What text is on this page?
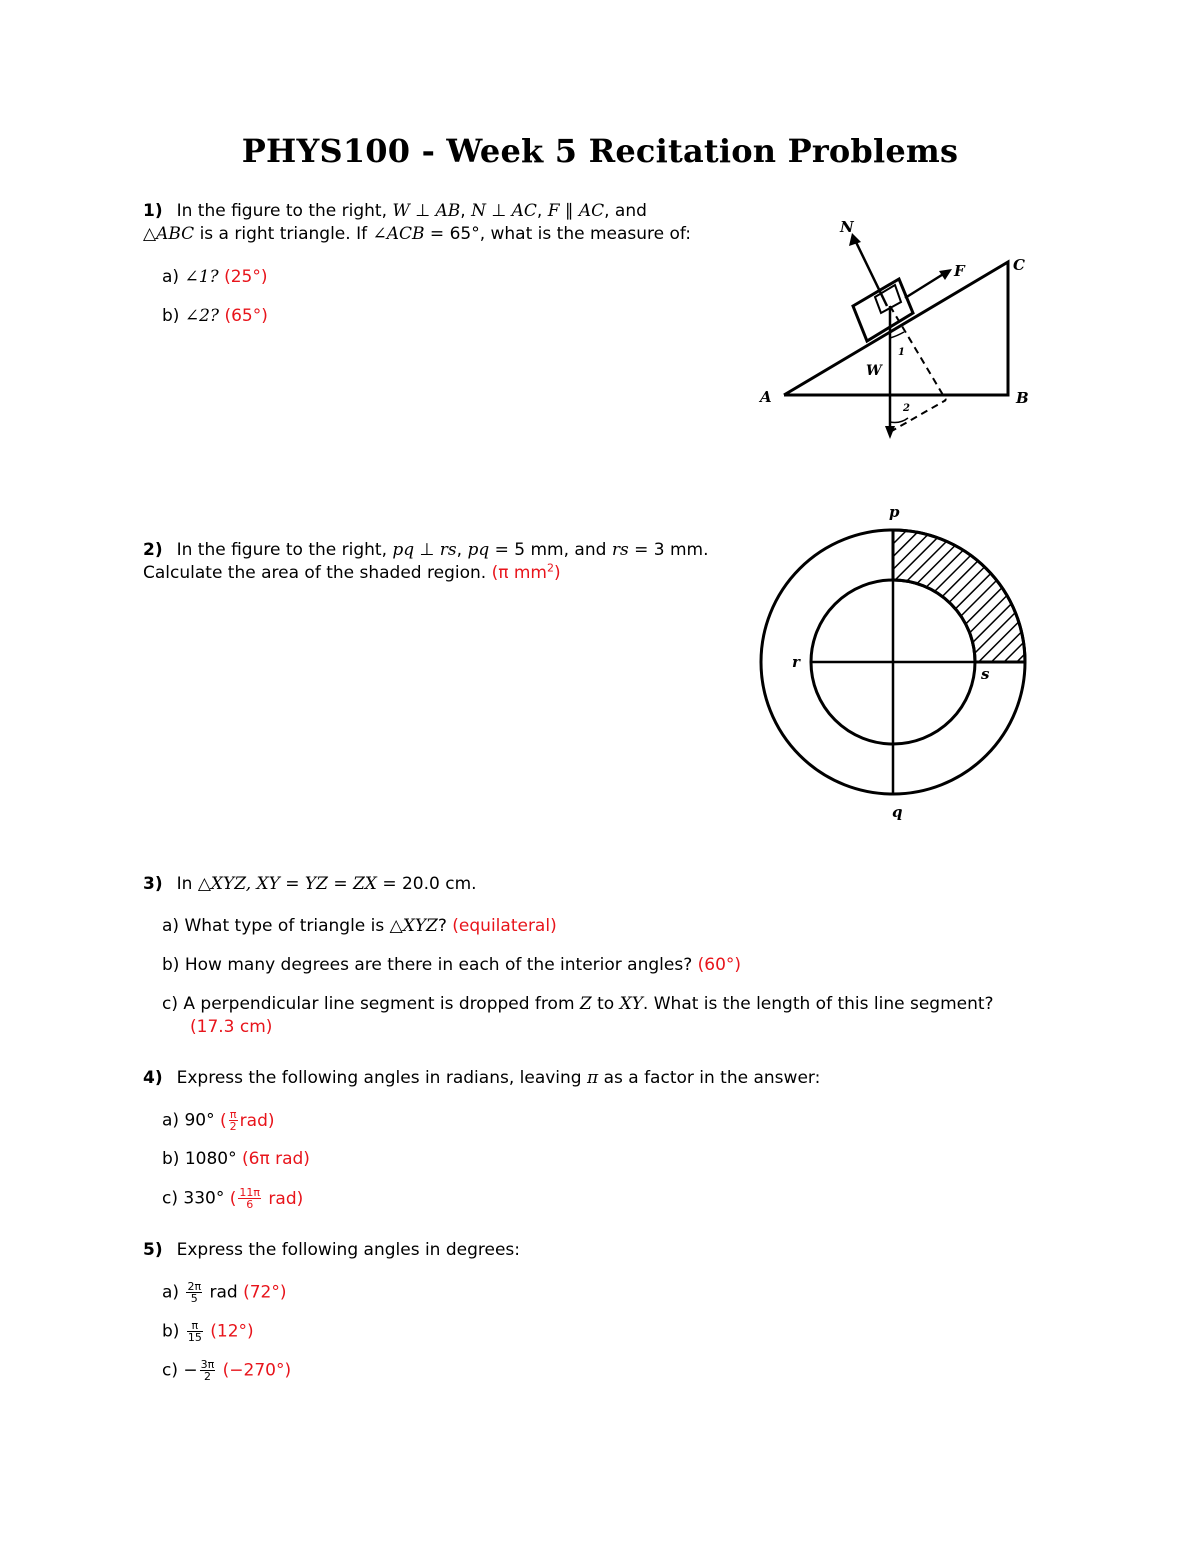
PHYS100 - Week 5 Recitation Problems
1) In the figure to the right, W ⊥ AB, N ⊥ AC, F ∥ AC, and
△ABC is a right triangle. If ∠ACB = 65°, what is the measure of:
a) ∠1? (25°)
b) ∠2? (65°)
N
F	C
W
A	B
1
2
2) In the figure to the right, pq ⊥ rs, pq = 5 mm, and rs = 3 mm.
Calculate the area of the shaded region. (π $mm^2$)
p
q
r
s
3) In △XYZ, XY = YZ = ZX = 20.0 cm.
a) What type of triangle is △XYZ? (equilateral)
b) How many degrees are there in each of the interior angles? (60°)
c) A perpendicular line segment is dropped from Z to XY. What is the length of this line segment?
(17.3 cm)
4) Express the following angles in radians, leaving π as a factor in the answer:
a) 90° ( $\frac{\pi}{2} rad$)
b) 1080° (6π rad)
c) 330° ( $\frac{11\pi}{6} rad$)
5) Express the following angles in degrees:
$a) \frac{2\pi}{5}$ rad (72°)
$b) \frac{\pi}{15} (12^\circ)$
$c) - \frac{3\pi}{2} (-270^\circ)$
